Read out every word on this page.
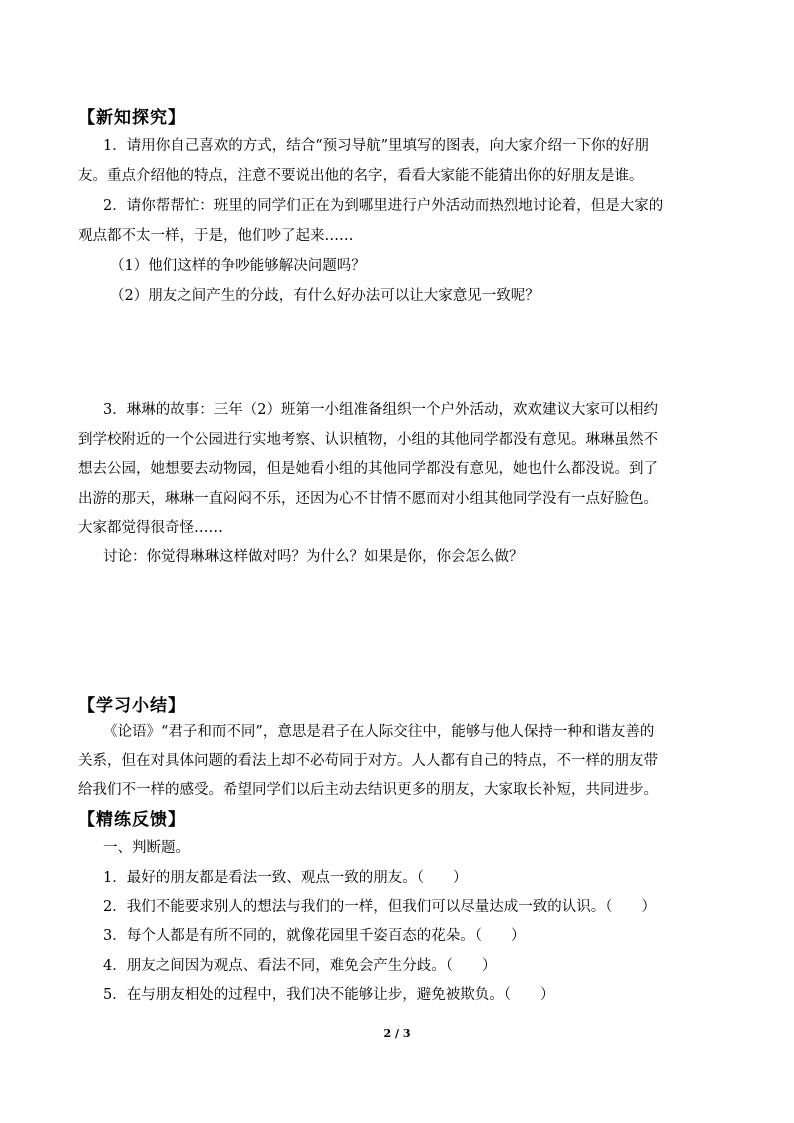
【新知探究】
1．请用你自己喜欢的方式，结合“预习导航”里填写的图表，向大家介绍一下你的好朋
友。重点介绍他的特点，注意不要说出他的名字，看看大家能不能猜出你的好朋友是谁。
2．请你帮帮忙：班里的同学们正在为到哪里进行户外活动而热烈地讨论着，但是大家的
观点都不太一样，于是，他们吵了起来……
（1）他们这样的争吵能够解决问题吗？
（2）朋友之间产生的分歧，有什么好办法可以让大家意见一致呢？
3．琳琳的故事：三年（2）班第一小组准备组织一个户外活动，欢欢建议大家可以相约
到学校附近的一个公园进行实地考察、认识植物，小组的其他同学都没有意见。琳琳虽然不
想去公园，她想要去动物园，但是她看小组的其他同学都没有意见，她也什么都没说。到了
出游的那天，琳琳一直闷闷不乐，还因为心不甘情不愿而对小组其他同学没有一点好脸色。
大家都觉得很奇怪……
讨论：你觉得琳琳这样做对吗？为什么？如果是你，你会怎么做？
【学习小结】
《论语》“君子和而不同”，意思是君子在人际交往中，能够与他人保持一种和谐友善的
关系，但在对具体问题的看法上却不必苟同于对方。人人都有自己的特点，不一样的朋友带
给我们不一样的感受。希望同学们以后主动去结识更多的朋友，大家取长补短，共同进步。
【精练反馈】
一、判断题。
1．最好的朋友都是看法一致、观点一致的朋友。（　　）
2．我们不能要求别人的想法与我们的一样，但我们可以尽量达成一致的认识。（　　）
3．每个人都是有所不同的，就像花园里千姿百态的花朵。（　　）
4．朋友之间因为观点、看法不同，难免会产生分歧。（　　）
5．在与朋友相处的过程中，我们决不能够让步，避免被欺负。（　　）
2 / 3
